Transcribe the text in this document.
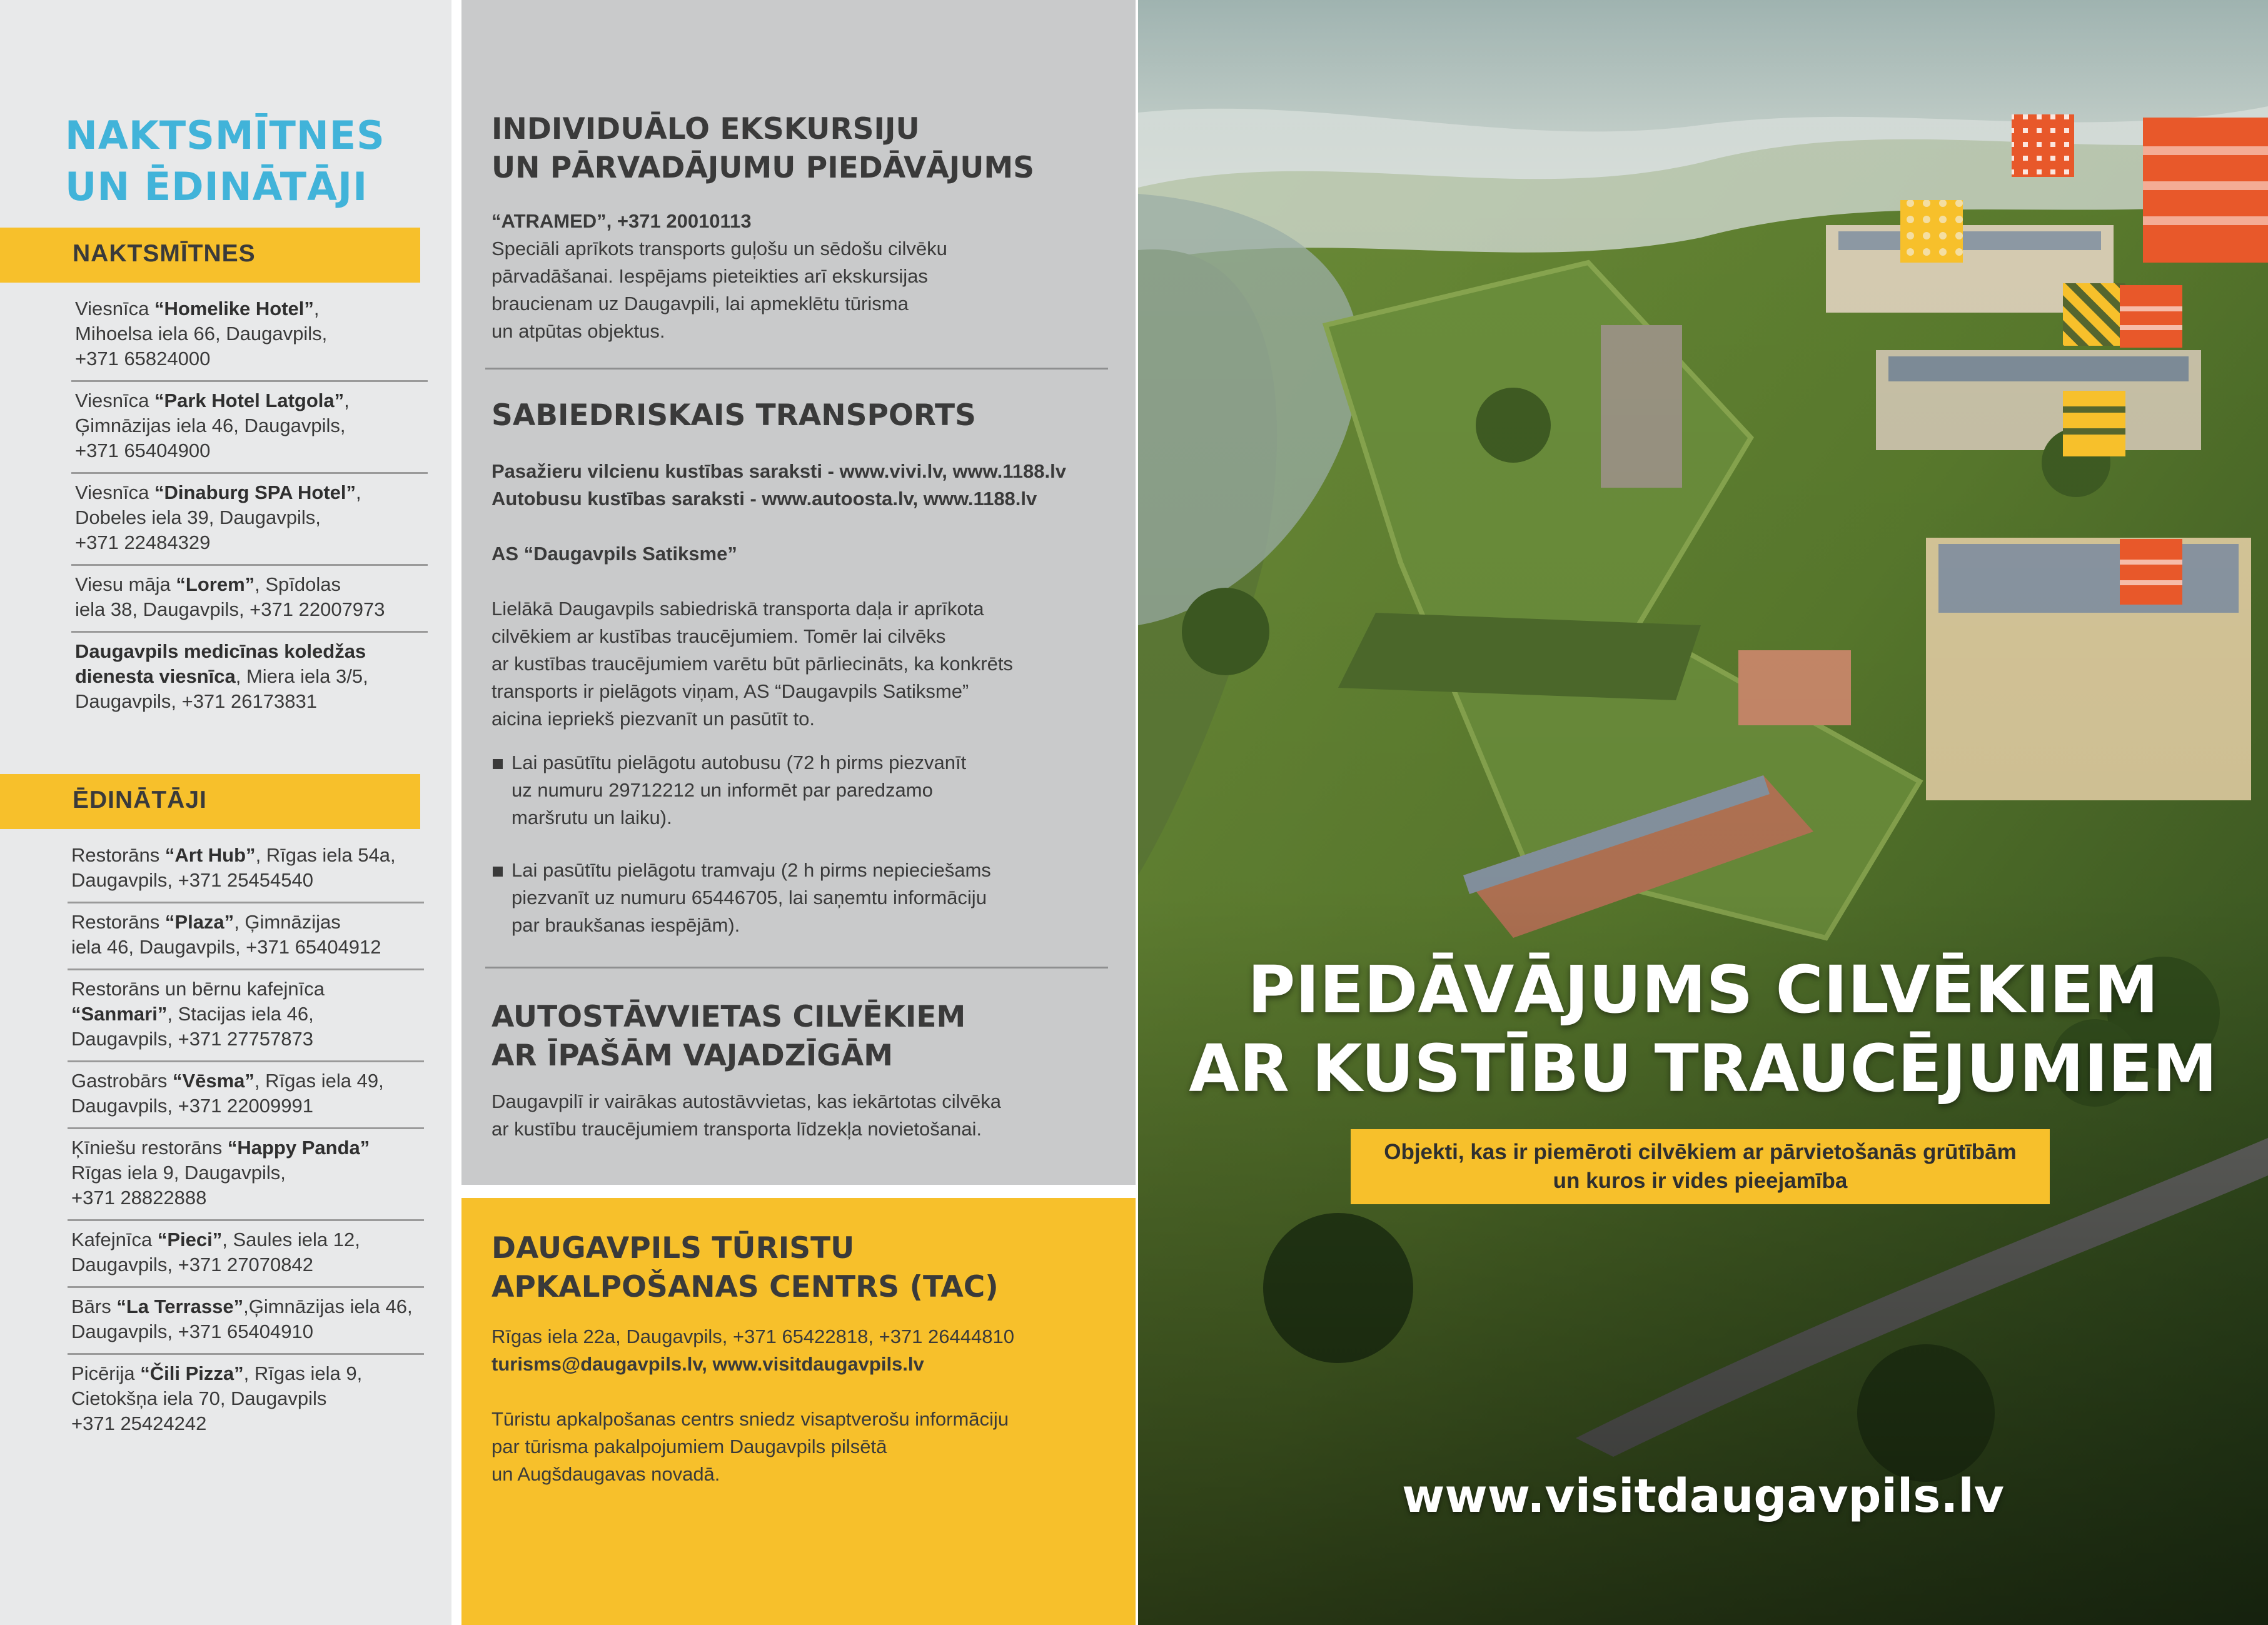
NAKTSMĪTNES
UN ĒDINĀTĀJI
NAKTSMĪTNES
Viesnīca “Homelike Hotel”,
Mihoelsa iela 66, Daugavpils,
+371 65824000
Viesnīca “Park Hotel Latgola”,
Ģimnāzijas iela 46, Daugavpils,
+371 65404900
Viesnīca “Dinaburg SPA Hotel”,
Dobeles iela 39, Daugavpils,
+371 22484329
Viesu māja “Lorem”, Spīdolas
iela 38, Daugavpils, +371 22007973
Daugavpils medicīnas koledžas
dienesta viesnīca, Miera iela 3/5,
Daugavpils, +371 26173831
ĒDINĀTĀJI
Restorāns “Art Hub”, Rīgas iela 54a,
Daugavpils, +371 25454540
Restorāns “Plaza”, Ģimnāzijas
iela 46, Daugavpils, +371 65404912
Restorāns un bērnu kafejnīca
“Sanmari”, Stacijas iela 46,
Daugavpils, +371 27757873
Gastrobārs “Vēsma”, Rīgas iela 49,
Daugavpils, +371 22009991
Ķīniešu restorāns “Happy Panda”
Rīgas iela 9, Daugavpils,
+371 28822888
Kafejnīca “Pieci”, Saules iela 12,
Daugavpils, +371 27070842
Bārs “La Terrasse”,Ģimnāzijas iela 46,
Daugavpils, +371 65404910
Picērija “Čili Pizza”, Rīgas iela 9,
Cietokšņa iela 70, Daugavpils
+371 25424242
INDIVIDUĀLO EKSKURSIJU
UN PĀRVADĀJUMU PIEDĀVĀJUMS
“ATRAMED”, +371 20010113
Speciāli aprīkots transports guļošu un sēdošu cilvēku
pārvadāšanai. Iespējams pieteikties arī ekskursijas
braucienam uz Daugavpili, lai apmeklētu tūrisma
un atpūtas objektus.
SABIEDRISKAIS TRANSPORTS
Pasažieru vilcienu kustības saraksti - www.vivi.lv, www.1188.lv
Autobusu kustības saraksti - www.autoosta.lv, www.1188.lv
AS “Daugavpils Satiksme”
Lielākā Daugavpils sabiedriskā transporta daļa ir aprīkota
cilvēkiem ar kustības traucējumiem. Tomēr lai cilvēks
ar kustības traucējumiem varētu būt pārliecināts, ka konkrēts
transports ir pielāgots viņam, AS “Daugavpils Satiksme”
aicina iepriekš piezvanīt un pasūtīt to.
Lai pasūtītu pielāgotu autobusu (72 h pirms piezvanīt
uz numuru 29712212 un informēt par paredzamo
maršrutu un laiku).
Lai pasūtītu pielāgotu tramvaju (2 h pirms nepieciešams
piezvanīt uz numuru 65446705, lai saņemtu informāciju
par braukšanas iespējām).
AUTOSTĀVVIETAS CILVĒKIEM
AR ĪPAŠĀM VAJADZĪGĀM
Daugavpilī ir vairākas autostāvvietas, kas iekārtotas cilvēka
ar kustību traucējumiem transporta līdzekļa novietošanai.
DAUGAVPILS TŪRISTU
APKALPOŠANAS CENTRS (TAC)
Rīgas iela 22a, Daugavpils, +371 65422818, +371 26444810
turisms@daugavpils.lv, www.visitdaugavpils.lv
Tūristu apkalpošanas centrs sniedz visaptverošu informāciju
par tūrisma pakalpojumiem Daugavpils pilsētā
un Augšdaugavas novadā.
PIEDĀVĀJUMS CILVĒKIEM
AR KUSTĪBU TRAUCĒJUMIEM
Objekti, kas ir piemēroti cilvēkiem ar pārvietošanās grūtībām
un kuros ir vides pieejamība
www.visitdaugavpils.lv
